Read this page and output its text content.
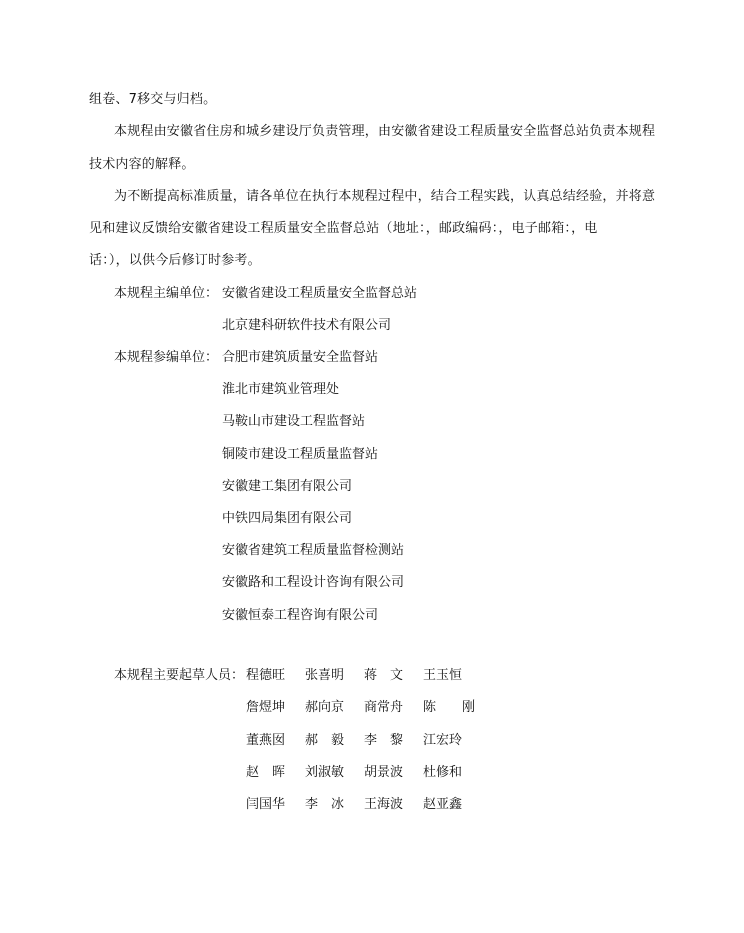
组卷、7移交与归档。
本规程由安徽省住房和城乡建设厅负责管理，由安徽省建设工程质量安全监督总站负责本规程
技术内容的解释。
为不断提高标准质量，请各单位在执行本规程过程中，结合工程实践，认真总结经验，并将意
见和建议反馈给安徽省建设工程质量安全监督总站（地址：，邮政编码：，电子邮箱：，电
话：），以供今后修订时参考。
本规程主编单位： 安徽省建设工程质量安全监督总站
北京建科研软件技术有限公司
本规程参编单位： 合肥市建筑质量安全监督站
淮北市建筑业管理处
马鞍山市建设工程监督站
铜陵市建设工程质量监督站
安徽建工集团有限公司
中铁四局集团有限公司
安徽省建筑工程质量监督检测站
安徽路和工程设计咨询有限公司
安徽恒泰工程咨询有限公司
本规程主要起草人员： 程德旺 张喜明 蒋　文 王玉恒
詹煜坤 郝向京 商常舟 陈　　刚
董燕囡 郝　毅 李　黎 江宏玲
赵　晖 刘淑敏 胡景波 杜修和
闫国华 李　冰 王海波 赵亚鑫
